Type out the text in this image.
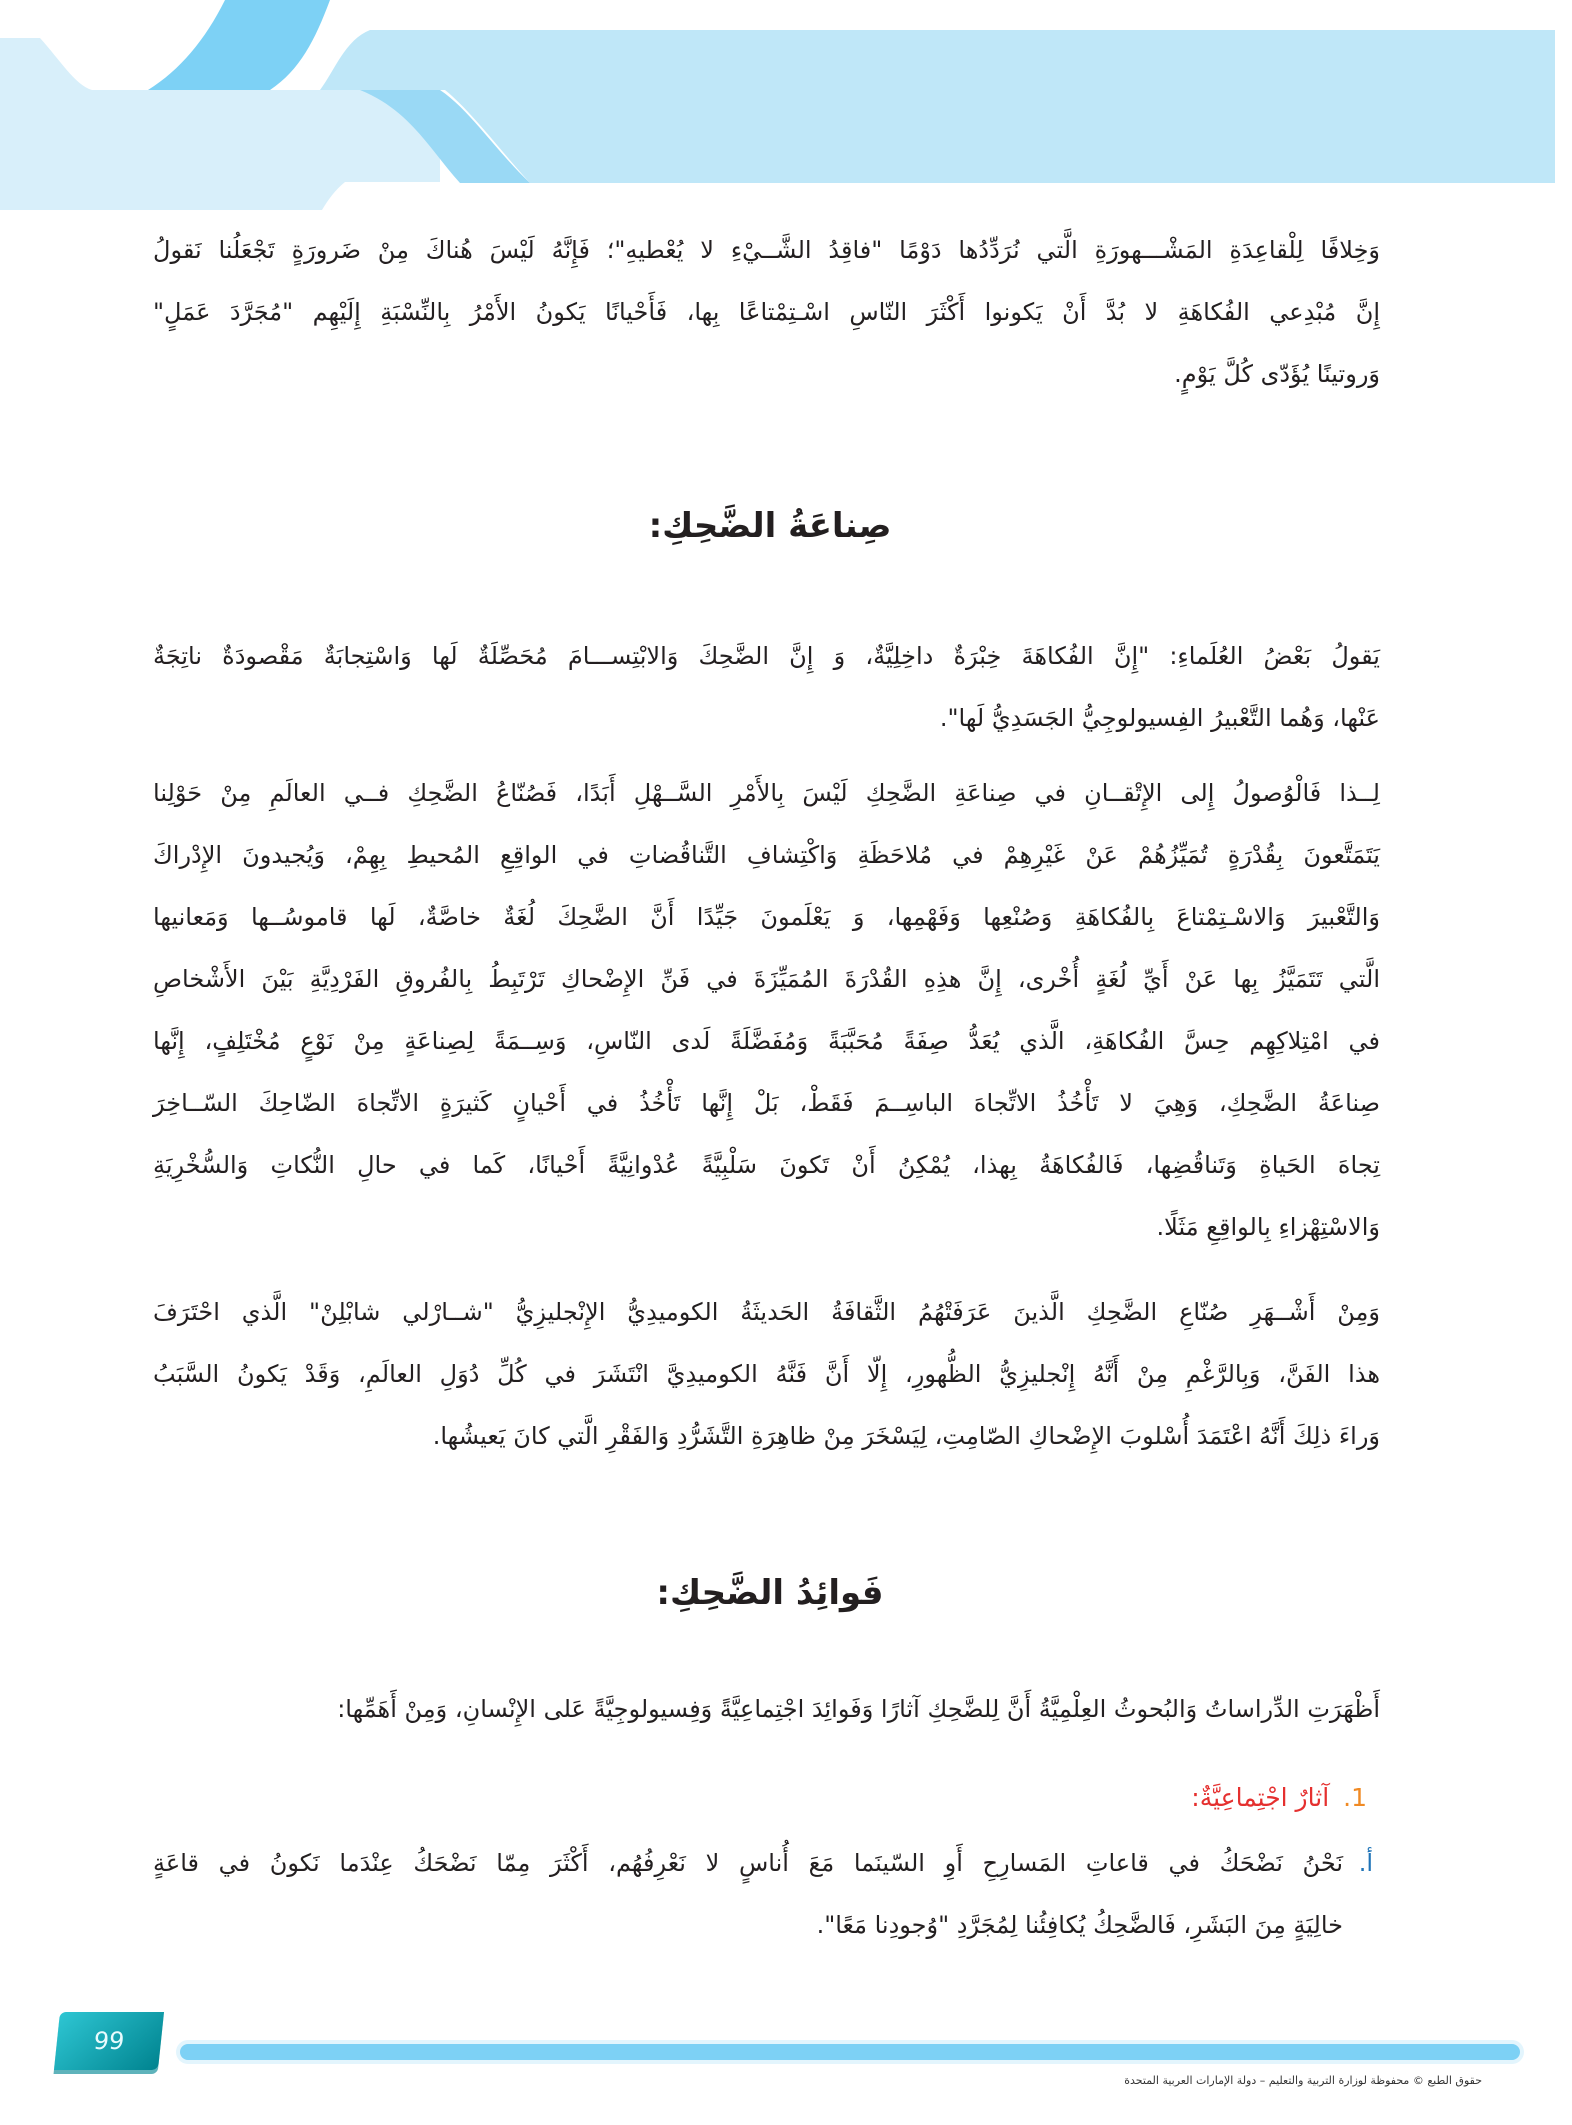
وَخِلافًا لِلْقاعِدَةِ المَشْـــهورَةِ الَّتي نُرَدِّدُها دَوْمًا "فاقِدُ الشَّــيْءِ لا يُعْطيهِ"؛ فَإِنَّهُ لَيْسَ هُناكَ مِنْ ضَرورَةٍ تَجْعَلُنا نَقولُ
إِنَّ مُبْدِعي الفُكاهَةِ لا بُدَّ أَنْ يَكونوا أَكْثَرَ النّاسِ اسْـتِمْتاعًا بِها، فَأَحْيانًا يَكونُ الأَمْرُ بِالنِّسْبَةِ إِلَيْهِم "مُجَرَّدَ عَمَلٍ"
وَروتينًا يُؤَدّى كُلَّ يَوْمٍ.
صِناعَةُ الضَّحِكِ:
يَقولُ بَعْضُ العُلَماءِ: "إِنَّ الفُكاهَةَ خِبْرَةٌ داخِلِيَّةٌ، وَ إِنَّ الضَّحِكَ وَالابْتِســـامَ مُحَصِّلَةٌ لَها وَاسْتِجابَةٌ مَقْصودَةٌ ناتِجَةٌ
عَنْها، وَهُما التَّعْبيرُ الفِسيولوجِيُّ الجَسَدِيُّ لَها".
لِــذا فَالْوُصولُ إِلى الإِتْقــانِ في صِناعَةِ الضَّحِكِ لَيْسَ بِالأَمْرِ السَّــهْلِ أَبَدًا، فَصُنّاعُ الضَّحِكِ فــي العالَمِ مِنْ حَوْلِنا
يَتَمَتَّعونَ بِقُدْرَةٍ تُمَيِّزُهُمْ عَنْ غَيْرِهِمْ في مُلاحَظَةِ وَاكْتِشافِ التَّناقُضاتِ في الواقِعِ المُحيطِ بِهِمْ، وَيُجيدونَ الإِدْراكَ
وَالتَّعْبيرَ وَالاسْـتِمْتاعَ بِالفُكاهَةِ وَصُنْعِها وَفَهْمِها، وَ يَعْلَمونَ جَيِّدًا أَنَّ الضَّحِكَ لُغَةٌ خاصَّةٌ، لَها قاموسُــها وَمَعانيها
الَّتي تَتَمَيَّزُ بِها عَنْ أَيِّ لُغَةٍ أُخْرى، إِنَّ هذِهِ القُدْرَةَ المُمَيِّزَةَ في فَنِّ الإِضْحاكِ تَرْتَبِطُ بِالفُروقِ الفَرْدِيَّةِ بَيْنَ الأَشْخاصِ
في امْتِلاكِهِم حِسَّ الفُكاهَةِ، الَّذي يُعَدُّ صِفَةً مُحَبَّبَةً وَمُفَضَّلَةً لَدى النّاسِ، وَسِــمَةً لِصِناعَةٍ مِنْ نَوْعٍ مُخْتَلِفٍ، إِنَّها
صِناعَةُ الضَّحِكِ، وَهِيَ لا تَأْخُذُ الاتِّجاهَ الباسِــمَ فَقَطْ، بَلْ إِنَّها تَأْخُذُ في أَحْيانٍ كَثيرَةٍ الاتِّجاهَ الضّاحِكَ السّــاخِرَ
تِجاهَ الحَياةِ وَتَناقُضِها، فَالفُكاهَةُ بِهذا، يُمْكِنُ أَنْ تَكونَ سَلْبِيَّةً عُدْوانِيَّةً أَحْيانًا، كَما في حالِ النُّكاتِ وَالسُّخْرِيَةِ
وَالاسْتِهْزاءِ بِالواقِعِ مَثَلًا.
وَمِنْ أَشْــهَرِ صُنّاعِ الضَّحِكِ الَّذينَ عَرَفَتْهُمُ الثَّقافَةُ الحَديثَةُ الكوميدِيُّ الإِنْجليزِيُّ "شــارْلي شابْلِنْ" الَّذي احْتَرَفَ
هذا الفَنَّ، وَبِالرَّغْمِ مِنْ أَنَّهُ إِنْجليزِيُّ الظُّهورِ، إِلّا أَنَّ فَنَّهُ الكوميدِيَّ انْتَشَرَ في كُلِّ دُوَلِ العالَمِ، وَقَدْ يَكونُ السَّبَبُ
وَراءَ ذلِكَ أَنَّهُ اعْتَمَدَ أُسْلوبَ الإِضْحاكِ الصّامِتِ، لِيَسْخَرَ مِنْ ظاهِرَةِ التَّشَرُّدِ وَالفَقْرِ الَّتي كانَ يَعيشُها.
فَوائِدُ الضَّحِكِ:
أَظْهَرَتِ الدِّراساتُ وَالبُحوثُ العِلْمِيَّةُ أَنَّ لِلضَّحِكِ آثارًا وَفَوائِدَ اجْتِماعِيَّةً وَفِسيولوجِيَّةً عَلى الإِنْسانِ، وَمِنْ أَهَمِّها:
1.آثارٌ اجْتِماعِيَّةٌ:
أ.
نَحْنُ نَضْحَكُ في قاعاتِ المَسارِحِ أَوِ السّينَما مَعَ أُناسٍ لا نَعْرِفُهُم، أَكْثَرَ مِمّا نَضْحَكُ عِنْدَما نَكونُ في قاعَةٍ
خالِيَةٍ مِنَ البَشَرِ، فَالضَّحِكُ يُكافِئُنا لِمُجَرَّدِ "وُجودِنا مَعًا".
99
حقوق الطبع © محفوظة لوزارة التربية والتعليم – دولة الإمارات العربية المتحدة
